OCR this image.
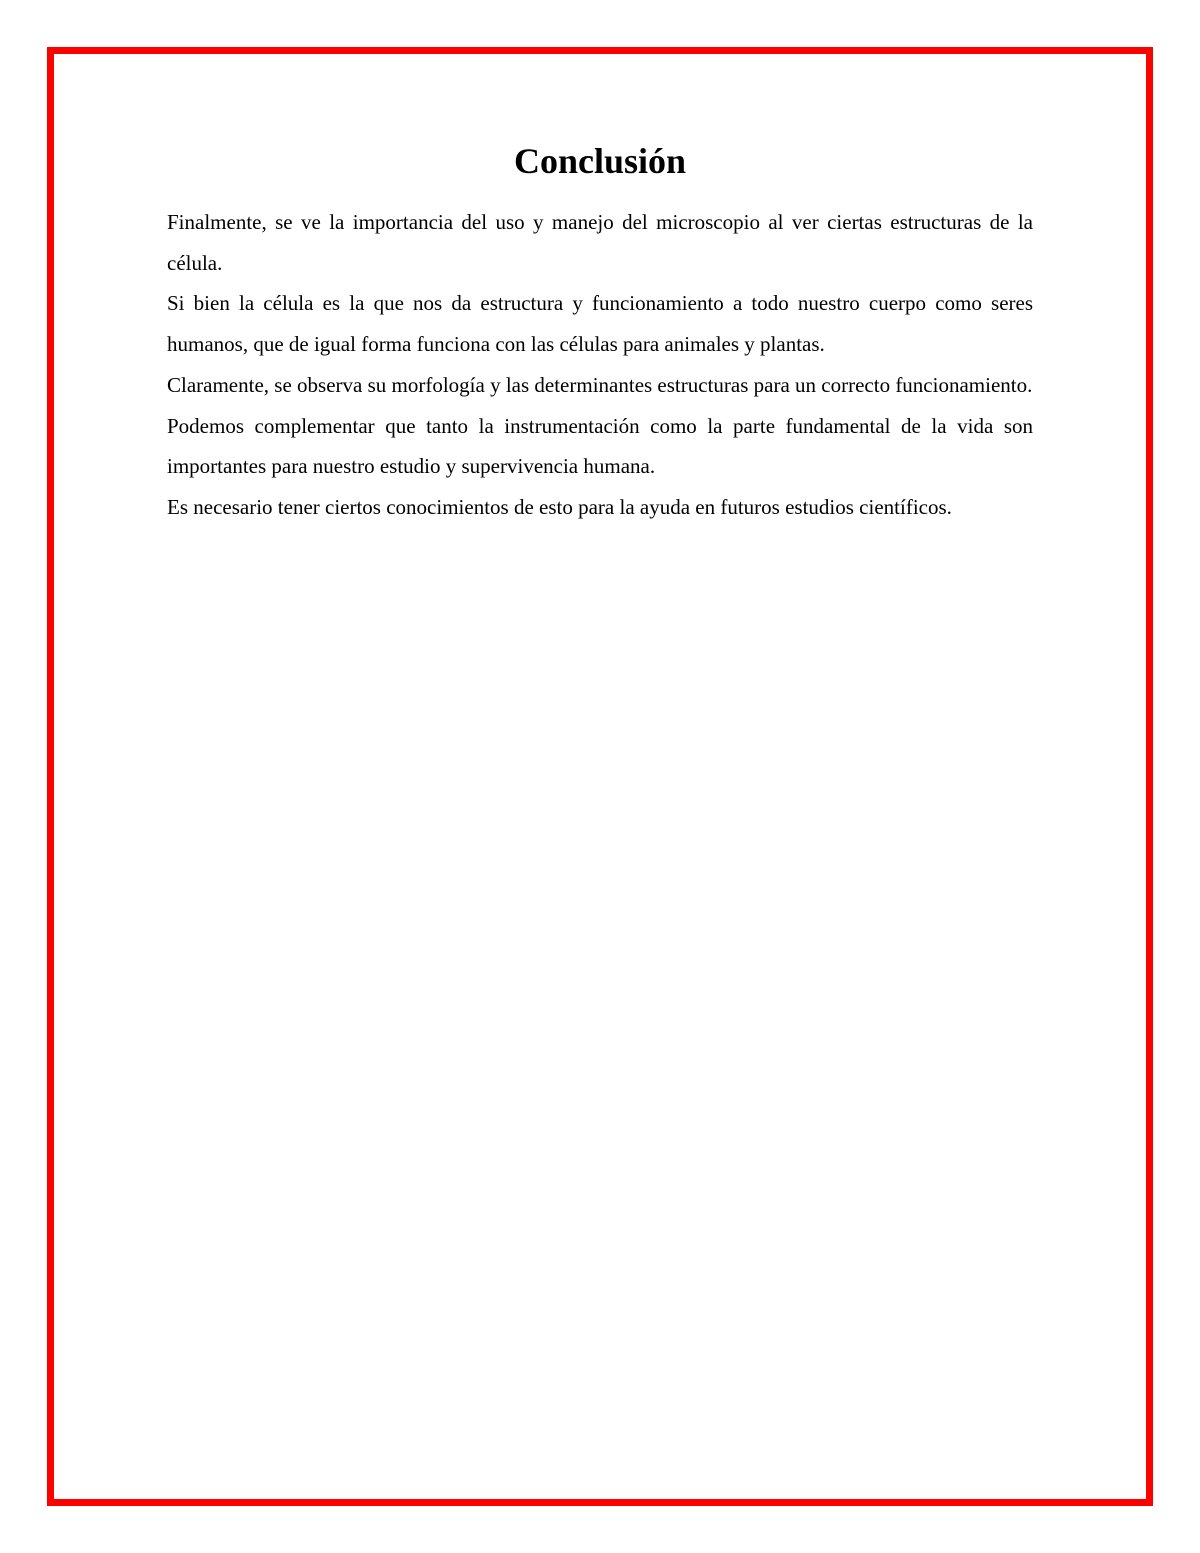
Conclusión

Finalmente, se ve la importancia del uso y manejo del microscopio al ver ciertas estructuras de la célula.

Si bien la célula es la que nos da estructura y funcionamiento a todo nuestro cuerpo como seres humanos, que de igual forma funciona con las células para animales y plantas.

Claramente, se observa su morfología y las determinantes estructuras para un correcto funcionamiento.

Podemos complementar que tanto la instrumentación como la parte fundamental de la vida son importantes para nuestro estudio y supervivencia humana.

Es necesario tener ciertos conocimientos de esto para la ayuda en futuros estudios científicos.
